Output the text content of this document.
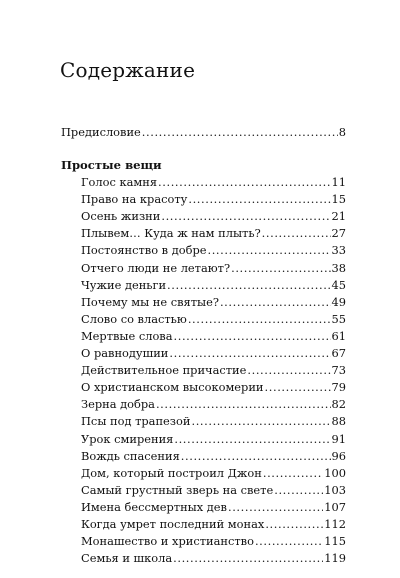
Содержание
Предисловие .....	8
Простые вещи
Голос камня .....	11
Право на красоту .....	15
Осень жизни .....	21
Плывем… Куда ж нам плыть? .....	27
Постоянство в добре .....	33
Отчего люди не летают? .....	38
Чужие деньги .....	45
Почему мы не святые? .....	49
Слово со властью .....	55
Мертвые слова .....	61
О равнодушии .....	67
Действительное причастие .....	73
О христианском высокомерии .....	79
Зерна добра .....	82
Псы под трапезой .....	88
Урок смирения .....	91
Вождь спасения .....	96
Дом, который построил Джон .....	100
Самый грустный зверь на свете .....	103
Имена бессмертных дев .....	107
Когда умрет последний монах .....	112
Монашество и христианство .....	115
Семья и школа .....	119
